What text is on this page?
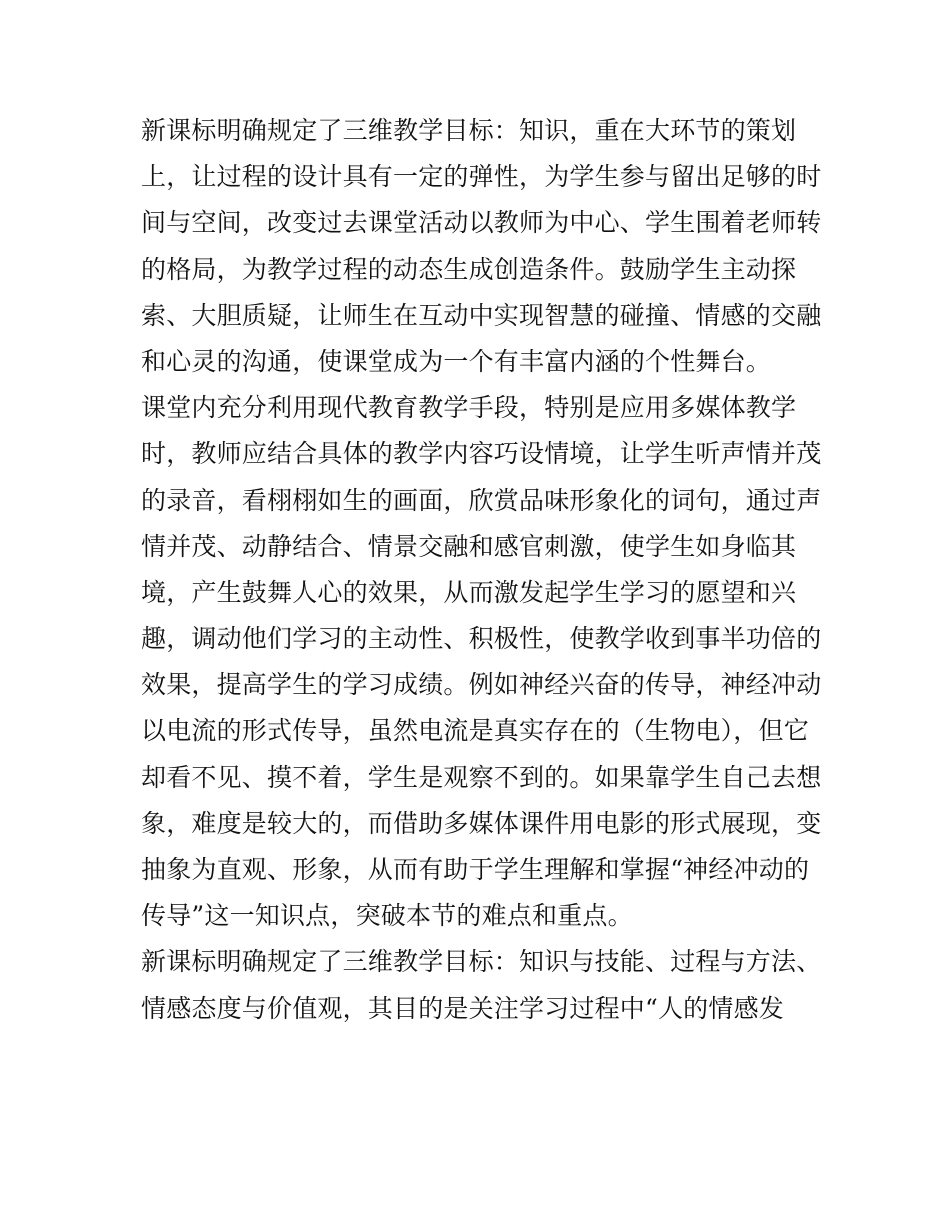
新课标明确规定了三维教学目标：知识，重在大环节的策划
上，让过程的设计具有一定的弹性，为学生参与留出足够的时
间与空间，改变过去课堂活动以教师为中心、学生围着老师转
的格局，为教学过程的动态生成创造条件。鼓励学生主动探
索、大胆质疑，让师生在互动中实现智慧的碰撞、情感的交融
和心灵的沟通，使课堂成为一个有丰富内涵的个性舞台。
课堂内充分利用现代教育教学手段，特别是应用多媒体教学
时，教师应结合具体的教学内容巧设情境，让学生听声情并茂
的录音，看栩栩如生的画面，欣赏品味形象化的词句，通过声
情并茂、动静结合、情景交融和感官刺激，使学生如身临其
境，产生鼓舞人心的效果，从而激发起学生学习的愿望和兴
趣，调动他们学习的主动性、积极性，使教学收到事半功倍的
效果，提高学生的学习成绩。例如神经兴奋的传导，神经冲动
以电流的形式传导，虽然电流是真实存在的（生物电），但它
却看不见、摸不着，学生是观察不到的。如果靠学生自己去想
象，难度是较大的，而借助多媒体课件用电影的形式展现，变
抽象为直观、形象，从而有助于学生理解和掌握“神经冲动的
传导”这一知识点，突破本节的难点和重点。
新课标明确规定了三维教学目标：知识与技能、过程与方法、
情感态度与价值观，其目的是关注学习过程中“人的情感发
